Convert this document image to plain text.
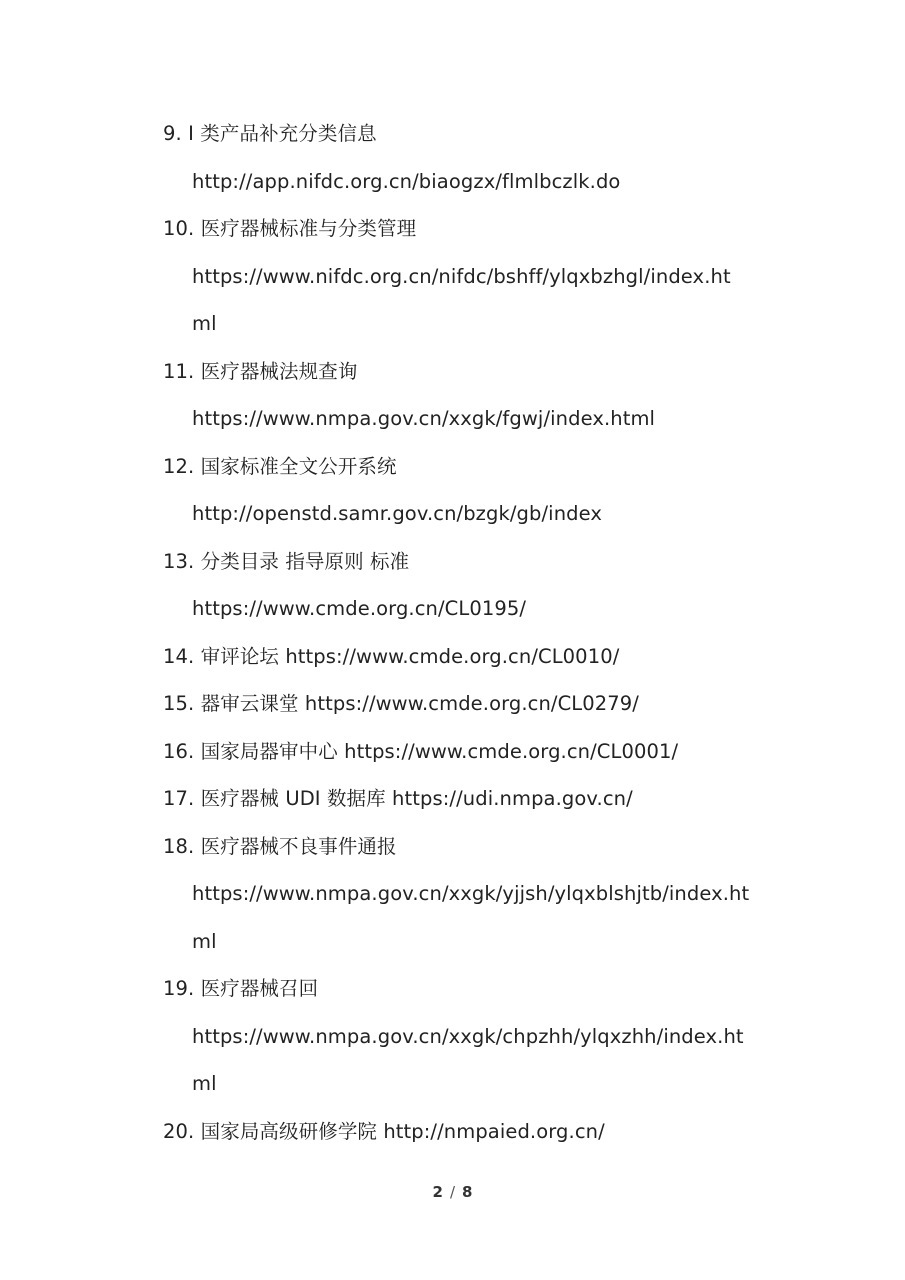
9. I 类产品补充分类信息
http://app.nifdc.org.cn/biaogzx/flmlbczlk.do
10. 医疗器械标准与分类管理
https://www.nifdc.org.cn/nifdc/bshff/ylqxbzhgl/index.ht
ml
11. 医疗器械法规查询
https://www.nmpa.gov.cn/xxgk/fgwj/index.html
12. 国家标准全文公开系统
http://openstd.samr.gov.cn/bzgk/gb/index
13. 分类目录 指导原则 标准
https://www.cmde.org.cn/CL0195/
14. 审评论坛 https://www.cmde.org.cn/CL0010/
15. 器审云课堂 https://www.cmde.org.cn/CL0279/
16. 国家局器审中心 https://www.cmde.org.cn/CL0001/
17. 医疗器械 UDI 数据库 https://udi.nmpa.gov.cn/
18. 医疗器械不良事件通报
https://www.nmpa.gov.cn/xxgk/yjjsh/ylqxblshjtb/index.ht
ml
19. 医疗器械召回
https://www.nmpa.gov.cn/xxgk/chpzhh/ylqxzhh/index.ht
ml
20. 国家局高级研修学院 http://nmpaied.org.cn/
2 / 8
